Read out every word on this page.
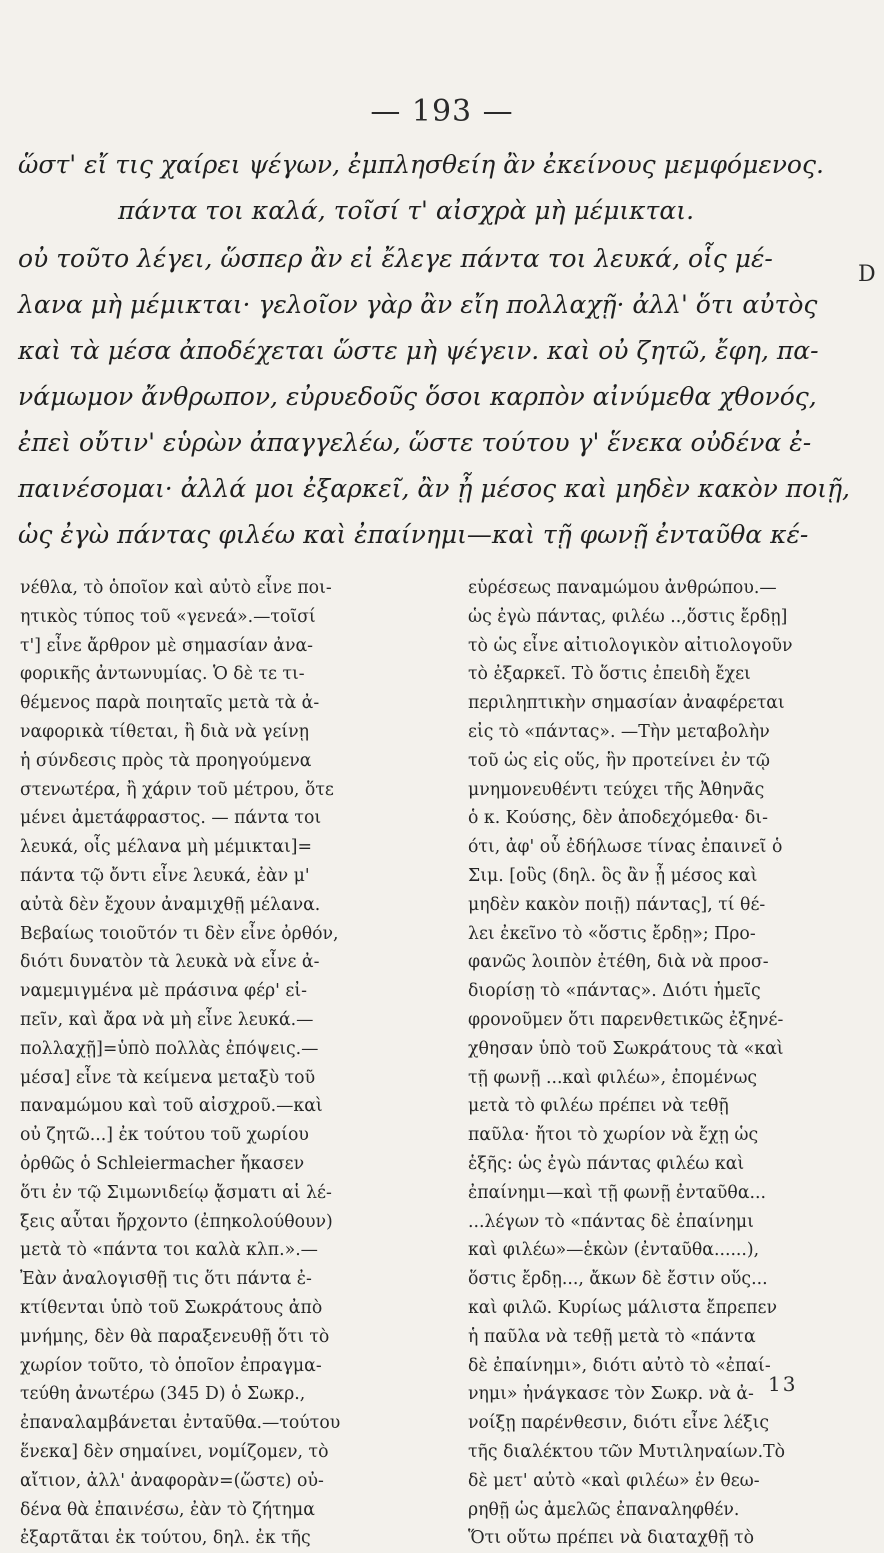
— 193 —
ὥστ' εἴ τις χαίρει ψέγων, ἐμπλησθείη ἂν ἐκείνους μεμφόμενος.
πάντα τοι καλά, τοῖσί τ' αἰσχρὰ μὴ μέμικται.
οὐ τοῦτο λέγει, ὥσπερ ἂν εἰ ἔλεγε πάντα τοι λευκά, οἷς μέ-
λανα μὴ μέμικται· γελοῖον γὰρ ἂν εἴη πολλαχῇ· ἀλλ' ὅτι αὐτὸς
καὶ τὰ μέσα ἀποδέχεται ὥστε μὴ ψέγειν. καὶ οὐ ζητῶ, ἔφη, πα-
νάμωμον ἄνθρωπον, εὐρυεδοῦς ὅσοι καρπὸν αἰνύμεθα χθονός,
ἐπεὶ οὔτιν' εὑρὼν ἀπαγγελέω, ὥστε τούτου γ' ἕνεκα οὐδένα ἐ-
παινέσομαι· ἀλλά μοι ἐξαρκεῖ, ἂν ᾖ μέσος καὶ μηδὲν κακὸν ποιῇ,
ὡς ἐγὼ πάντας φιλέω καὶ ἐπαίνημι—καὶ τῇ φωνῇ ἐνταῦθα κέ-
D
νέθλα, τὸ ὁποῖον καὶ αὐτὸ εἶνε ποι-
ητικὸς τύπος τοῦ «γενεά».—τοῖσί
τ'] εἶνε ἄρθρον μὲ σημασίαν ἀνα-
φορικῆς ἀντωνυμίας. Ὁ δὲ τε τι-
θέμενος παρὰ ποιηταῖς μετὰ τὰ ἀ-
ναφορικὰ τίθεται, ἢ διὰ νὰ γείνῃ
ἡ σύνδεσις πρὸς τὰ προηγούμενα
στενωτέρα, ἢ χάριν τοῦ μέτρου, ὅτε
μένει ἀμετάφραστος. — πάντα τοι
λευκά, οἷς μέλανα μὴ μέμικται]=
πάντα τῷ ὄντι εἶνε λευκά, ἐὰν μ'
αὐτὰ δὲν ἔχουν ἀναμιχθῇ μέλανα.
Βεβαίως τοιοῦτόν τι δὲν εἶνε ὀρθόν,
διότι δυνατὸν τὰ λευκὰ νὰ εἶνε ἀ-
ναμεμιγμένα μὲ πράσινα φέρ' εἰ-
πεῖν, καὶ ἄρα νὰ μὴ εἶνε λευκά.—
πολλαχῇ]=ὑπὸ πολλὰς ἐπόψεις.—
μέσα] εἶνε τὰ κείμενα μεταξὺ τοῦ
παναμώμου καὶ τοῦ αἰσχροῦ.—καὶ
οὐ ζητῶ...] ἐκ τούτου τοῦ χωρίου
ὀρθῶς ὁ Schleiermacher ἤκασεν
ὅτι ἐν τῷ Σιμωνιδείῳ ᾄσματι αἱ λέ-
ξεις αὗται ἤρχοντο (ἐπηκολούθουν)
μετὰ τὸ «πάντα τοι καλὰ κλπ.».—
Ἐὰν ἀναλογισθῇ τις ὅτι πάντα ἐ-
κτίθενται ὑπὸ τοῦ Σωκράτους ἀπὸ
μνήμης, δὲν θὰ παραξενευθῇ ὅτι τὸ
χωρίον τοῦτο, τὸ ὁποῖον ἐπραγμα-
τεύθη ἀνωτέρω (345 D) ὁ Σωκρ.,
ἐπαναλαμβάνεται ἐνταῦθα.—τούτου
ἕνεκα] δὲν σημαίνει, νομίζομεν, τὸ
αἴτιον, ἀλλ' ἀναφορὰν=(ὥστε) οὐ-
δένα θὰ ἐπαινέσω, ἐὰν τὸ ζήτημα
ἐξαρτᾶται ἐκ τούτου, δηλ. ἐκ τῆς
εὑρέσεως παναμώμου ἀνθρώπου.—
ὡς ἐγὼ πάντας, φιλέω ..,ὅστις ἔρδῃ]
τὸ ὡς εἶνε αἰτιολογικὸν αἰτιολογοῦν
τὸ ἐξαρκεῖ. Τὸ ὅστις ἐπειδὴ ἔχει
περιληπτικὴν σημασίαν ἀναφέρεται
εἰς τὸ «πάντας». —Τὴν μεταβολὴν
τοῦ ὡς εἰς οὕς, ἣν προτείνει ἐν τῷ
μνημονευθέντι τεύχει τῆς Ἀθηνᾶς
ὁ κ. Κούσης, δὲν ἀποδεχόμεθα· δι-
ότι, ἀφ' οὗ ἐδήλωσε τίνας ἐπαινεῖ ὁ
Σιμ. [οὓς (δηλ. ὃς ἂν ᾖ μέσος καὶ
μηδὲν κακὸν ποιῇ) πάντας], τί θέ-
λει ἐκεῖνο τὸ «ὅστις ἔρδῃ»; Προ-
φανῶς λοιπὸν ἐτέθη, διὰ νὰ προσ-
διορίσῃ τὸ «πάντας». Διότι ἡμεῖς
φρονοῦμεν ὅτι παρενθετικῶς ἐξηνέ-
χθησαν ὑπὸ τοῦ Σωκράτους τὰ «καὶ
τῇ φωνῇ ...καὶ φιλέω», ἐπομένως
μετὰ τὸ φιλέω πρέπει νὰ τεθῇ
παῦλα· ἤτοι τὸ χωρίον νὰ ἔχῃ ὡς
ἑξῆς: ὡς ἐγὼ πάντας φιλέω καὶ
ἐπαίνημι—καὶ τῇ φωνῇ ἐνταῦθα...
...λέγων τὸ «πάντας δὲ ἐπαίνημι
καὶ φιλέω»—ἑκὼν (ἐνταῦθα......),
ὅστις ἔρδῃ..., ἄκων δὲ ἔστιν οὕς...
καὶ φιλῶ. Κυρίως μάλιστα ἔπρεπεν
ἡ παῦλα νὰ τεθῇ μετὰ τὸ «πάντα
δὲ ἐπαίνημι», διότι αὐτὸ τὸ «ἐπαί-
νημι» ἠνάγκασε τὸν Σωκρ. νὰ ἀ-
νοίξῃ παρένθεσιν, διότι εἶνε λέξις
τῆς διαλέκτου τῶν Μυτιληναίων.Τὸ
δὲ μετ' αὐτὸ «καὶ φιλέω» ἐν θεω-
ρηθῇ ὡς ἀμελῶς ἐπαναληφθέν.
Ὅτι οὕτω πρέπει νὰ διαταχθῇ τὸ
13
